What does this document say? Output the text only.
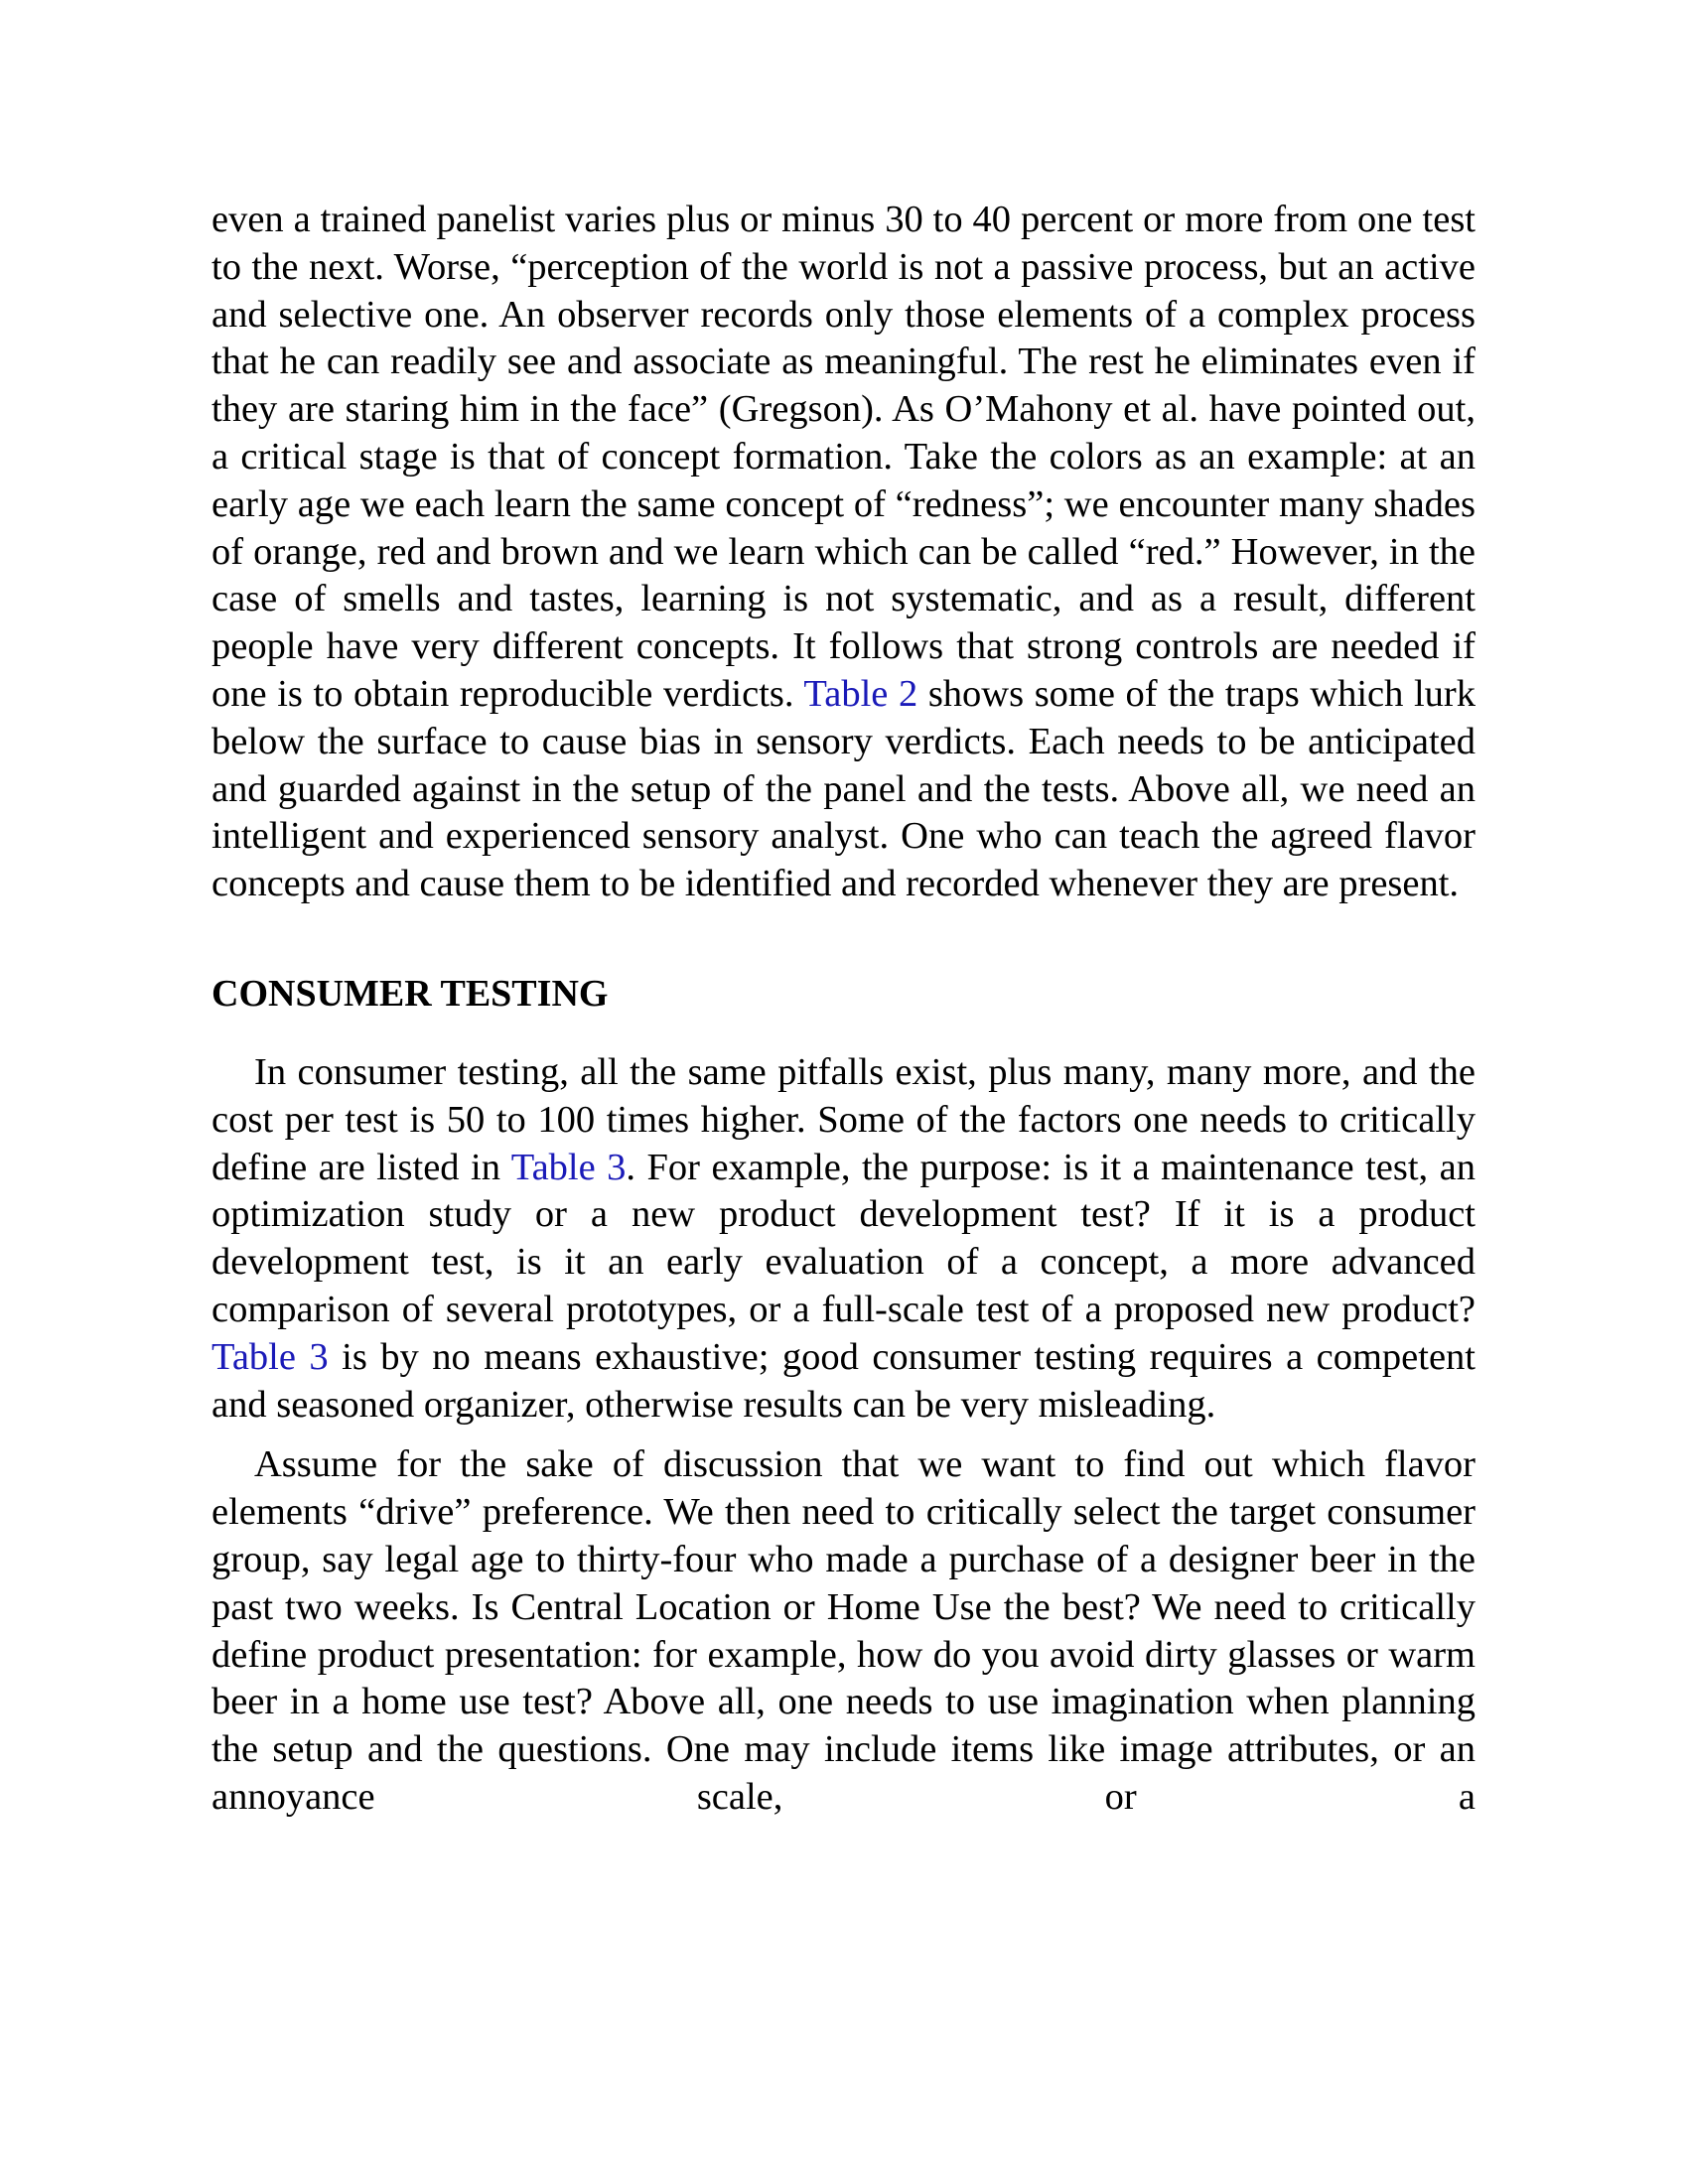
even a trained panelist varies plus or minus 30 to 40 percent or more from one test to the next. Worse, “perception of the world is not a passive process, but an active and selective one. An observer records only those elements of a complex process that he can readily see and associate as meaningful. The rest he eliminates even if they are staring him in the face” (Gregson). As O’Mahony et al. have pointed out, a critical stage is that of concept formation. Take the colors as an example: at an early age we each learn the same concept of “redness”; we encounter many shades of orange, red and brown and we learn which can be called “red.” However, in the case of smells and tastes, learning is not systematic, and as a result, different people have very different concepts. It follows that strong controls are needed if one is to obtain reproducible verdicts. Table 2 shows some of the traps which lurk below the surface to cause bias in sensory verdicts. Each needs to be anticipated and guarded against in the setup of the panel and the tests. Above all, we need an intelligent and experienced sensory analyst. One who can teach the agreed flavor concepts and cause them to be identified and recorded whenever they are present.

CONSUMER TESTING

In consumer testing, all the same pitfalls exist, plus many, many more, and the cost per test is 50 to 100 times higher. Some of the factors one needs to critically define are listed in Table 3. For example, the purpose: is it a maintenance test, an optimization study or a new product development test? If it is a product development test, is it an early evaluation of a concept, a more advanced comparison of several prototypes, or a full-scale test of a proposed new product? Table 3 is by no means exhaustive; good consumer testing requires a competent and seasoned organizer, otherwise results can be very misleading.

Assume for the sake of discussion that we want to find out which flavor elements “drive” preference. We then need to critically select the target consumer group, say legal age to thirty-four who made a purchase of a designer beer in the past two weeks. Is Central Location or Home Use the best? We need to critically define product presentation: for example, how do you avoid dirty glasses or warm beer in a home use test? Above all, one needs to use imagination when planning the setup and the questions. One may include items like image attributes, or an annoyance scale, or a
